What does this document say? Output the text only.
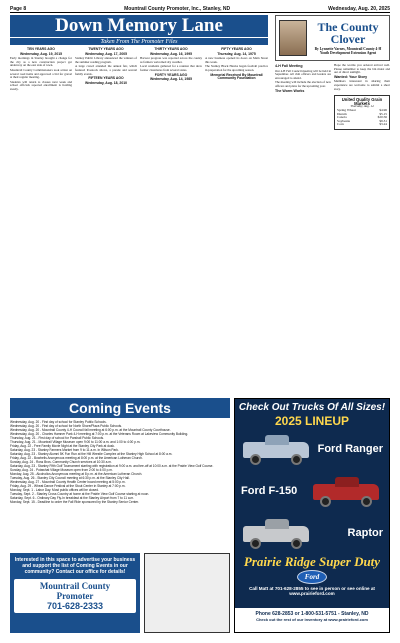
Page 8	Mountrail County Promoter, Inc., Stanley, ND	Wednesday, Aug. 20, 2025
Down Memory Lane
Taken From The Promoter Files
TEN YEARS AGO
Wednesday, Aug. 19, 2015

Early mornings in Stanley brought a change for the city as a new construction project got underway on the east side of town.

Mountrail County Commissioners took action on several road items and approved a bid for gravel at their regular meeting.

Students will return to classes next week and school officials reported enrollment is holding steady.

TWENTY YEARS AGO
Wednesday, Aug. 17, 2005

Stanley Public Library announced the winners of the summer reading program.

A large crowd attended the annual fair, which featured livestock shows, a parade and several family events.

FIFTEEN YEARS AGO
Wednesday, Aug. 18, 2010
THIRTY YEARS AGO
Wednesday, Aug. 16, 1995

Harvest progress was reported across the county as farmers welcomed dry weather.

Local residents gathered for a reunion that drew former classmates from several states.

FORTY YEARS AGO
Wednesday, Aug. 14, 1985
FIFTY YEARS AGO
Thursday, Aug. 14, 1975

A new business opened its doors on Main Street this week.

The Stanley Black Hawks began football practice in preparation for the upcoming season.

Memorial Received By Mountrail Community Foundation
The County Clover
By Lynnette Varnes, Mountrail County 4-H Youth Development Extension Agent
4-H Fall Meeting

Our 4-H Fall Council meeting will be held in September. All club officers and leaders are encouraged to attend.

The meeting will include the election of new officers and plans for the upcoming year.

The Worm Works

Hope the worms you ordered arrived well. Please remember to keep the bin moist and out of direct sunlight.

Wanted: Your Story

Members interested in sharing their experience are welcome to submit a short story.

United Quality Grain Markets
Thursday, Aug. 14
Spring Wheat	$4.96
Durum	$5.15
Canola	$20.56
Soybeans	$9.31
Corn	$3.24
Coming Events
Wednesday, Aug. 20 - First day of school for Stanley Public Schools.
Wednesday, Aug. 20 - First day of school for North Shore/Plaza Public Schools.
Wednesday, Aug. 20 - Mountrail County 4-H Council fall meeting at 6:00 p.m. at the Mountrail County Courthouse.
Wednesday, Aug. 20 - Charles Hamner Park 4-H meeting at 7:00 p.m. at the Veterans Room at Lakeview Community Building.
Thursday, Aug. 21 - First day of school for Parshall Public Schools.
Thursday, Aug. 21 - Mountrail Village Museum open 9:00 to 11:00 a.m. and 1:00 to 4:00 p.m.
Friday, Aug. 22 - Free Family Movie Night at the Stanley City Park at dusk.
Saturday, Aug. 23 - Stanley Farmers Market from 9 to 11 a.m. in Wilson Park.
Saturday, Aug. 23 - Stanley Alumni 5K Fun Run at the Hill Wrestle Complex at the Stanley High School at 8:00 a.m.
Friday, Aug. 22 - Bowbells Anonymous meeting at 8:00 p.m. at the American Lutheran Church.
Sunday, Aug. 24 - Ross Bros. Community Church services at 10:30 a.m.
Saturday, Aug. 23 - Stanley Fifth Golf Tournament starting with registration at 9:00 a.m. and tee-off at 10:00 a.m. at the Prairie View Golf Course.
Sunday, Aug. 24 - Potawhat Village Museum open from 2:00 to 4:00 p.m.
Monday, Aug. 25 - Alcoholics Anonymous meeting at 8 p.m. at the American Lutheran Church.
Tuesday, Aug. 26 - Stanley City Council meeting at 6:30 p.m. at the Stanley City Hall.
Wednesday, Aug. 27 - Mountrail County Health Center board meeting at 5:00 p.m.
Friday, Aug. 29 - Wheat Dance Festival at the Stout Center in Stanley at 7:00 p.m.
Monday, Sept. 1 - Labor Day. Most public offices will be closed.
Tuesday, Sept. 2 - Stanley Cross Country at home at the Prairie View Golf Course starting at noon.
Saturday, Sept. 6 - Ordinary Day Fly-In breakfast at the Stanley Airport from 7 to 11 a.m.
Monday, Sept. 15 - Deadline to order the Fall Ride sponsored by the Stanley Senior Center.
Check Out Trucks Of All Sizes!
2025 LINEUP
Ford Ranger
Ford F-150
Raptor
Prairie Ridge Super Duty
Ford
Call Matt at 701-628-2855 to see in person or see online at www.prairieford.com
Phone 628-2853 or 1-800-531-5751 - Stanley, ND
Check out the rest of our inventory at www.prairieford.com
Interested in this space to advertise your business and support the list of Coming Events in our community? Contact our office for details!
Mountrail County
Promoter
701-628-2333
